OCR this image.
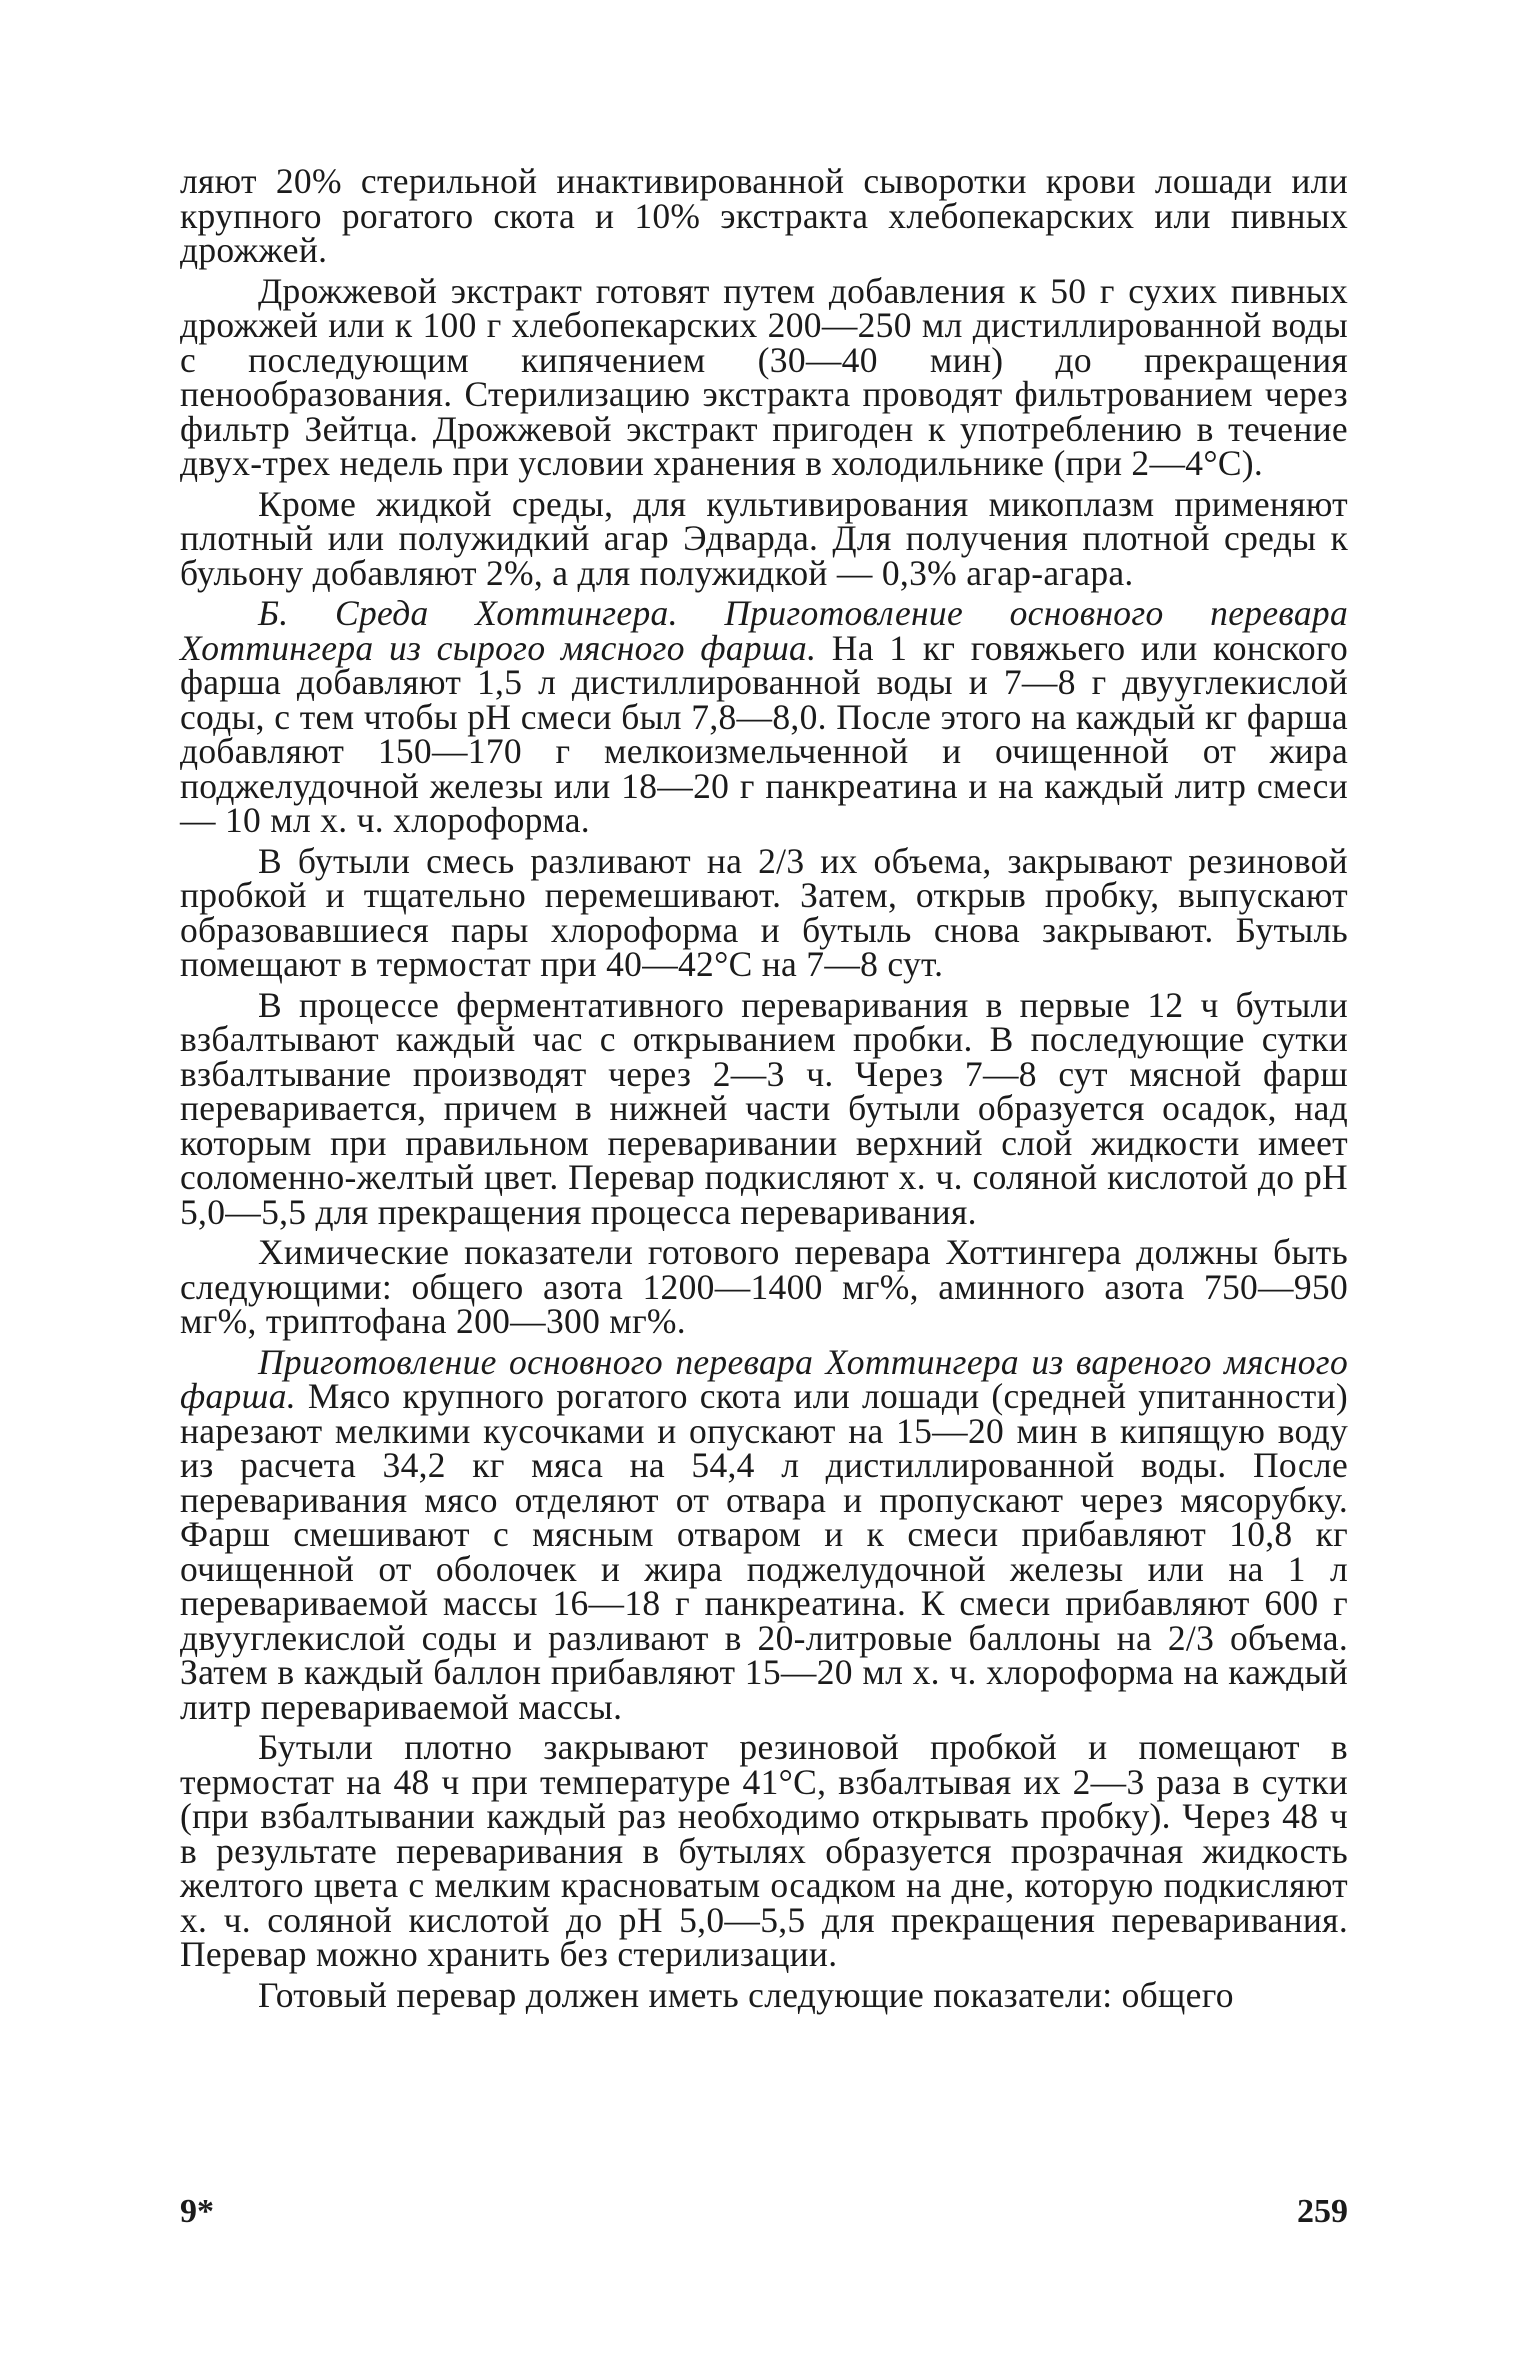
ляют 20% стерильной инактивированной сыворотки крови лошади или крупного рогатого скота и 10% экстракта хлебопекарских или пивных дрожжей.

Дрожжевой экстракт готовят путем добавления к 50 г сухих пивных дрожжей или к 100 г хлебопекарских 200—250 мл дистиллированной воды с последующим кипячением (30—40 мин) до прекращения пенообразования. Стерилизацию экстракта проводят фильтрованием через фильтр Зейтца. Дрожжевой экстракт пригоден к употреблению в течение двух-трех недель при условии хранения в холодильнике (при 2—4°С).

Кроме жидкой среды, для культивирования микоплазм применяют плотный или полужидкий агар Эдварда. Для получения плотной среды к бульону добавляют 2%, а для полужидкой — 0,3% агар-агара.

Б. Среда Хоттингера. Приготовление основного перевара Хоттингера из сырого мясного фарша. На 1 кг говяжьего или конского фарша добавляют 1,5 л дистиллированной воды и 7—8 г двууглекислой соды, с тем чтобы рН смеси был 7,8—8,0. После этого на каждый кг фарша добавляют 150—170 г мелкоизмельченной и очищенной от жира поджелудочной железы или 18—20 г панкреатина и на каждый литр смеси — 10 мл х. ч. хлороформа.

В бутыли смесь разливают на 2/3 их объема, закрывают резиновой пробкой и тщательно перемешивают. Затем, открыв пробку, выпускают образовавшиеся пары хлороформа и бутыль снова закрывают. Бутыль помещают в термостат при 40—42°С на 7—8 сут.

В процессе ферментативного переваривания в первые 12 ч бутыли взбалтывают каждый час с открыванием пробки. В последующие сутки взбалтывание производят через 2—3 ч. Через 7—8 сут мясной фарш переваривается, причем в нижней части бутыли образуется осадок, над которым при правильном переваривании верхний слой жидкости имеет соломенно-желтый цвет. Перевар подкисляют х. ч. соляной кислотой до рН 5,0—5,5 для прекращения процесса переваривания.

Химические показатели готового перевара Хоттингера должны быть следующими: общего азота 1200—1400 мг%, аминного азота 750—950 мг%, триптофана 200—300 мг%.

Приготовление основного перевара Хоттингера из вареного мясного фарша. Мясо крупного рогатого скота или лошади (средней упитанности) нарезают мелкими кусочками и опускают на 15—20 мин в кипящую воду из расчета 34,2 кг мяса на 54,4 л дистиллированной воды. После переваривания мясо отделяют от отвара и пропускают через мясорубку. Фарш смешивают с мясным отваром и к смеси прибавляют 10,8 кг очищенной от оболочек и жира поджелудочной железы или на 1 л перевариваемой массы 16—18 г панкреатина. К смеси прибавляют 600 г двууглекислой соды и разливают в 20-литровые баллоны на 2/3 объема. Затем в каждый баллон прибавляют 15—20 мл х. ч. хлороформа на каждый литр перевариваемой массы.

Бутыли плотно закрывают резиновой пробкой и помещают в термостат на 48 ч при температуре 41°С, взбалтывая их 2—3 раза в сутки (при взбалтывании каждый раз необходимо открывать пробку). Через 48 ч в результате переваривания в бутылях образуется прозрачная жидкость желтого цвета с мелким красноватым осадком на дне, которую подкисляют х. ч. соляной кислотой до рН 5,0—5,5 для прекращения переваривания. Перевар можно хранить без стерилизации.

Готовый перевар должен иметь следующие показатели: общего

9*	259
